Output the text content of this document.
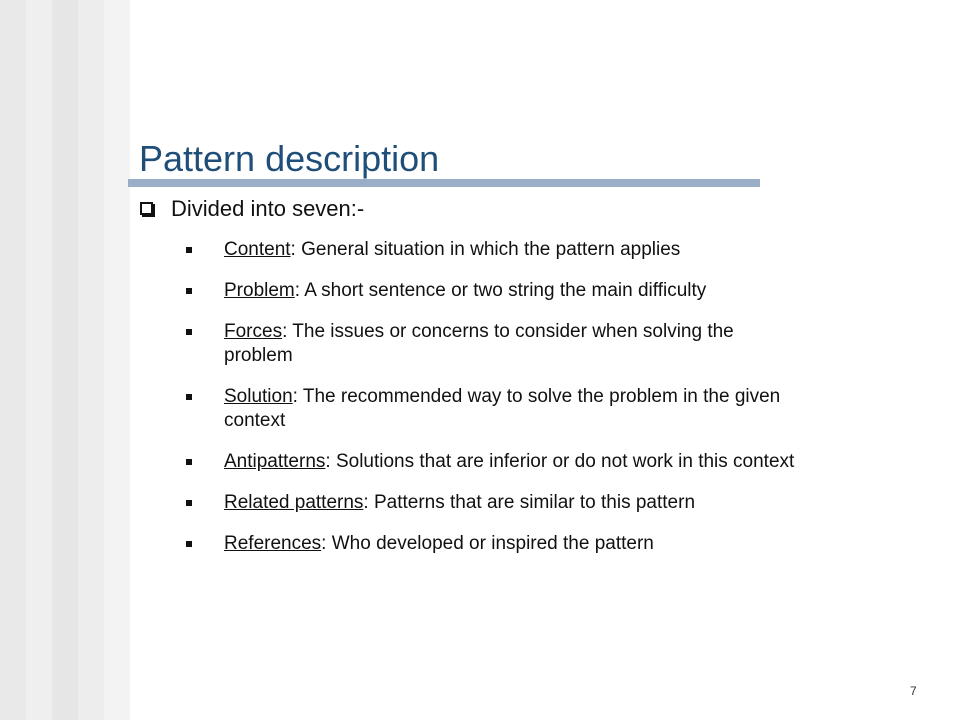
Pattern description
Divided into seven:-
Content: General situation in which the pattern applies
Problem: A short sentence or two string the main difficulty
Forces: The issues or concerns to consider when solving the problem
Solution: The recommended way to solve the problem in the given context
Antipatterns: Solutions that are inferior or do not work in this context
Related patterns: Patterns that are similar to this pattern
References: Who developed or inspired the pattern
7
